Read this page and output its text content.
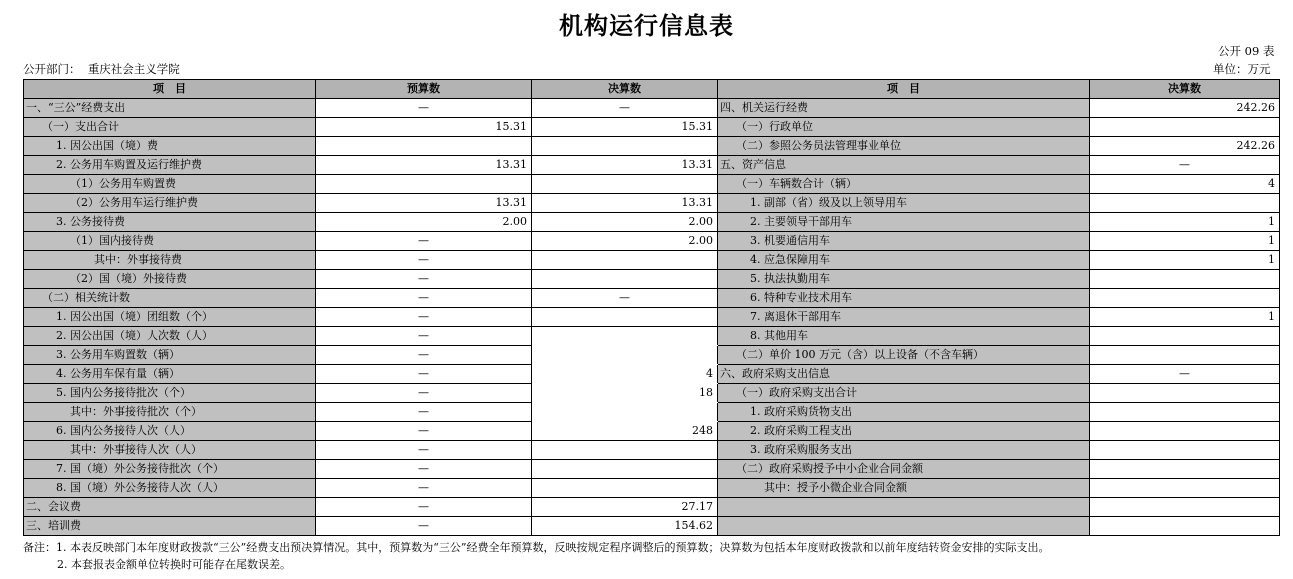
机构运行信息表
公开 09 表
公开部门： 重庆社会主义学院	单位：万元
项　目	预算数	决算数	项　目	决算数
一、“三公”经费支出	—	—	四、机关运行经费	242.26
（一）支出合计	15.31	15.31	（一）行政单位	
1. 因公出国（境）费			（二）参照公务员法管理事业单位	242.26
2. 公务用车购置及运行维护费	13.31	13.31	五、资产信息	—
（1）公务用车购置费			（一）车辆数合计（辆）	4
（2）公务用车运行维护费	13.31	13.31	1. 副部（省）级及以上领导用车	
3. 公务接待费	2.00	2.00	2. 主要领导干部用车	1
（1）国内接待费	—	2.00	3. 机要通信用车	1
其中：外事接待费	—		4. 应急保障用车	1
（2）国（境）外接待费	—		5. 执法执勤用车	
（二）相关统计数	—	—	6. 特种专业技术用车	
1. 因公出国（境）团组数（个）	—		7. 离退休干部用车	1
2. 因公出国（境）人次数（人）	—		8. 其他用车	
3. 公务用车购置数（辆）	—		（二）单价 100 万元（含）以上设备（不含车辆）	
4. 公务用车保有量（辆）	—	4	六、政府采购支出信息	—
5. 国内公务接待批次（个）	—	18	（一）政府采购支出合计	
其中：外事接待批次（个）	—		1. 政府采购货物支出	
6. 国内公务接待人次（人）	—	248	2. 政府采购工程支出	
其中：外事接待人次（人）	—		3. 政府采购服务支出	
7. 国（境）外公务接待批次（个）	—		（二）政府采购授予中小企业合同金额	
8. 国（境）外公务接待人次（人）	—		其中：授予小微企业合同金额	
二、会议费	—	27.17		
三、培训费	—	154.62		
备注：1. 本表反映部门本年度财政拨款“三公”经费支出预决算情况。其中，预算数为“三公”经费全年预算数，反映按规定程序调整后的预算数；决算数为包括本年度财政拨款和以前年度结转资金安排的实际支出。
2. 本套报表金额单位转换时可能存在尾数误差。
